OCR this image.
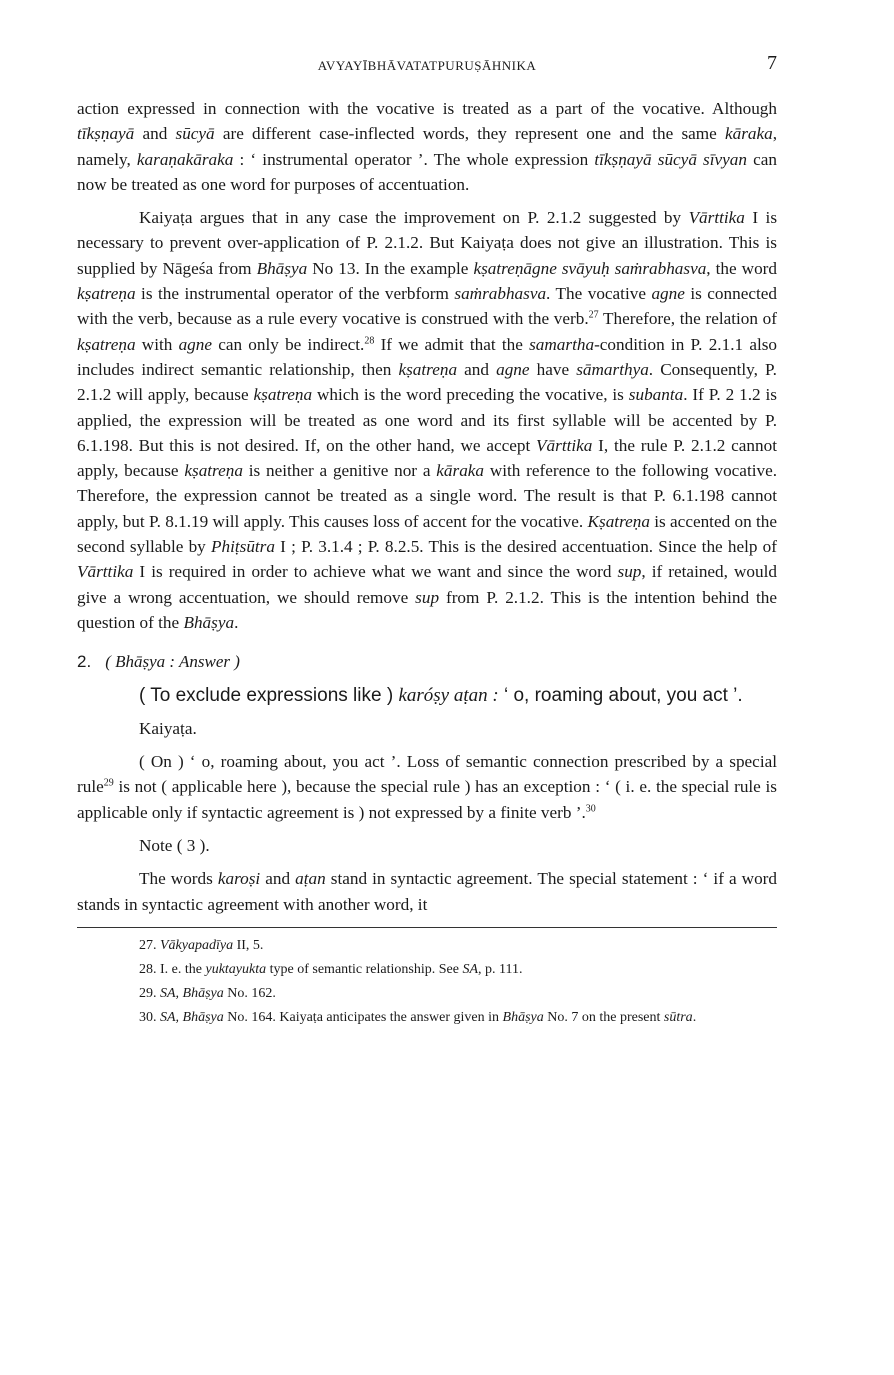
AVYAYĪBHĀVATATPURUṢĀHNIKA	7

action expressed in connection with the vocative is treated as a part of the vocative. Although tīkṣṇayā and sūcyā are different case-inflected words, they represent one and the same kāraka, namely, karaṇakāraka : ‘ instrumental operator ’. The whole expression tīkṣṇayā sūcyā sīvyan can now be treated as one word for purposes of accentuation.

Kaiyaṭa argues that in any case the improvement on P. 2.1.2 suggested by Vārttika I is necessary to prevent over-application of P. 2.1.2. But Kaiyaṭa does not give an illustration. This is supplied by Nāgeśa from Bhāṣya No 13. In the example kṣatreṇāgne svāyuḥ saṁrabhasva, the word kṣatreṇa is the instrumental operator of the verbform saṁrabhasva. The vocative agne is connected with the verb, because as a rule every vocative is construed with the verb.$^{27}$ Therefore, the relation of kṣatreṇa with agne can only be indirect.$^{28}$ If we admit that the samartha-condition in P. 2.1.1 also includes indirect semantic relationship, then kṣatreṇa and agne have sāmarthya. Consequently, P. 2.1.2 will apply, because kṣatreṇa which is the word preceding the vocative, is subanta. If P. 2 1.2 is applied, the expression will be treated as one word and its first syllable will be accented by P. 6.1.198. But this is not desired. If, on the other hand, we accept Vārttika I, the rule P. 2.1.2 cannot apply, because kṣatreṇa is neither a genitive nor a kāraka with reference to the following vocative. Therefore, the expression cannot be treated as a single word. The result is that P. 6.1.198 cannot apply, but P. 8.1.19 will apply. This causes loss of accent for the vocative. Kṣatreṇa is accented on the second syllable by Phiṭsūtra I ; P. 3.1.4 ; P. 8.2.5. This is the desired accentuation. Since the help of Vārttika I is required in order to achieve what we want and since the word sup, if retained, would give a wrong accentuation, we should remove sup from P. 2.1.2. This is the intention behind the question of the Bhāṣya.

2. ( Bhāṣya : Answer )

( To exclude expressions like ) karóṣy aṭan : ‘ o, roaming about, you act ’.

Kaiyaṭa.

( On ) ‘ o, roaming about, you act ’. Loss of semantic connection prescribed by a special rule$^{29}$ is not ( applicable here ), because the special rule ) has an exception : ‘ ( i. e. the special rule is applicable only if syntactic agreement is ) not expressed by a finite verb ’.$^{30}$

Note ( 3 ).

The words karoṣi and aṭan stand in syntactic agreement. The special statement : ‘ if a word stands in syntactic agreement with another word, it

27. Vākyapadīya II, 5.

28. I. e. the yuktayukta type of semantic relationship. See SA, p. 111.

29. SA, Bhāṣya No. 162.

30. SA, Bhāṣya No. 164. Kaiyaṭa anticipates the answer given in Bhāṣya No. 7 on the present sūtra.
